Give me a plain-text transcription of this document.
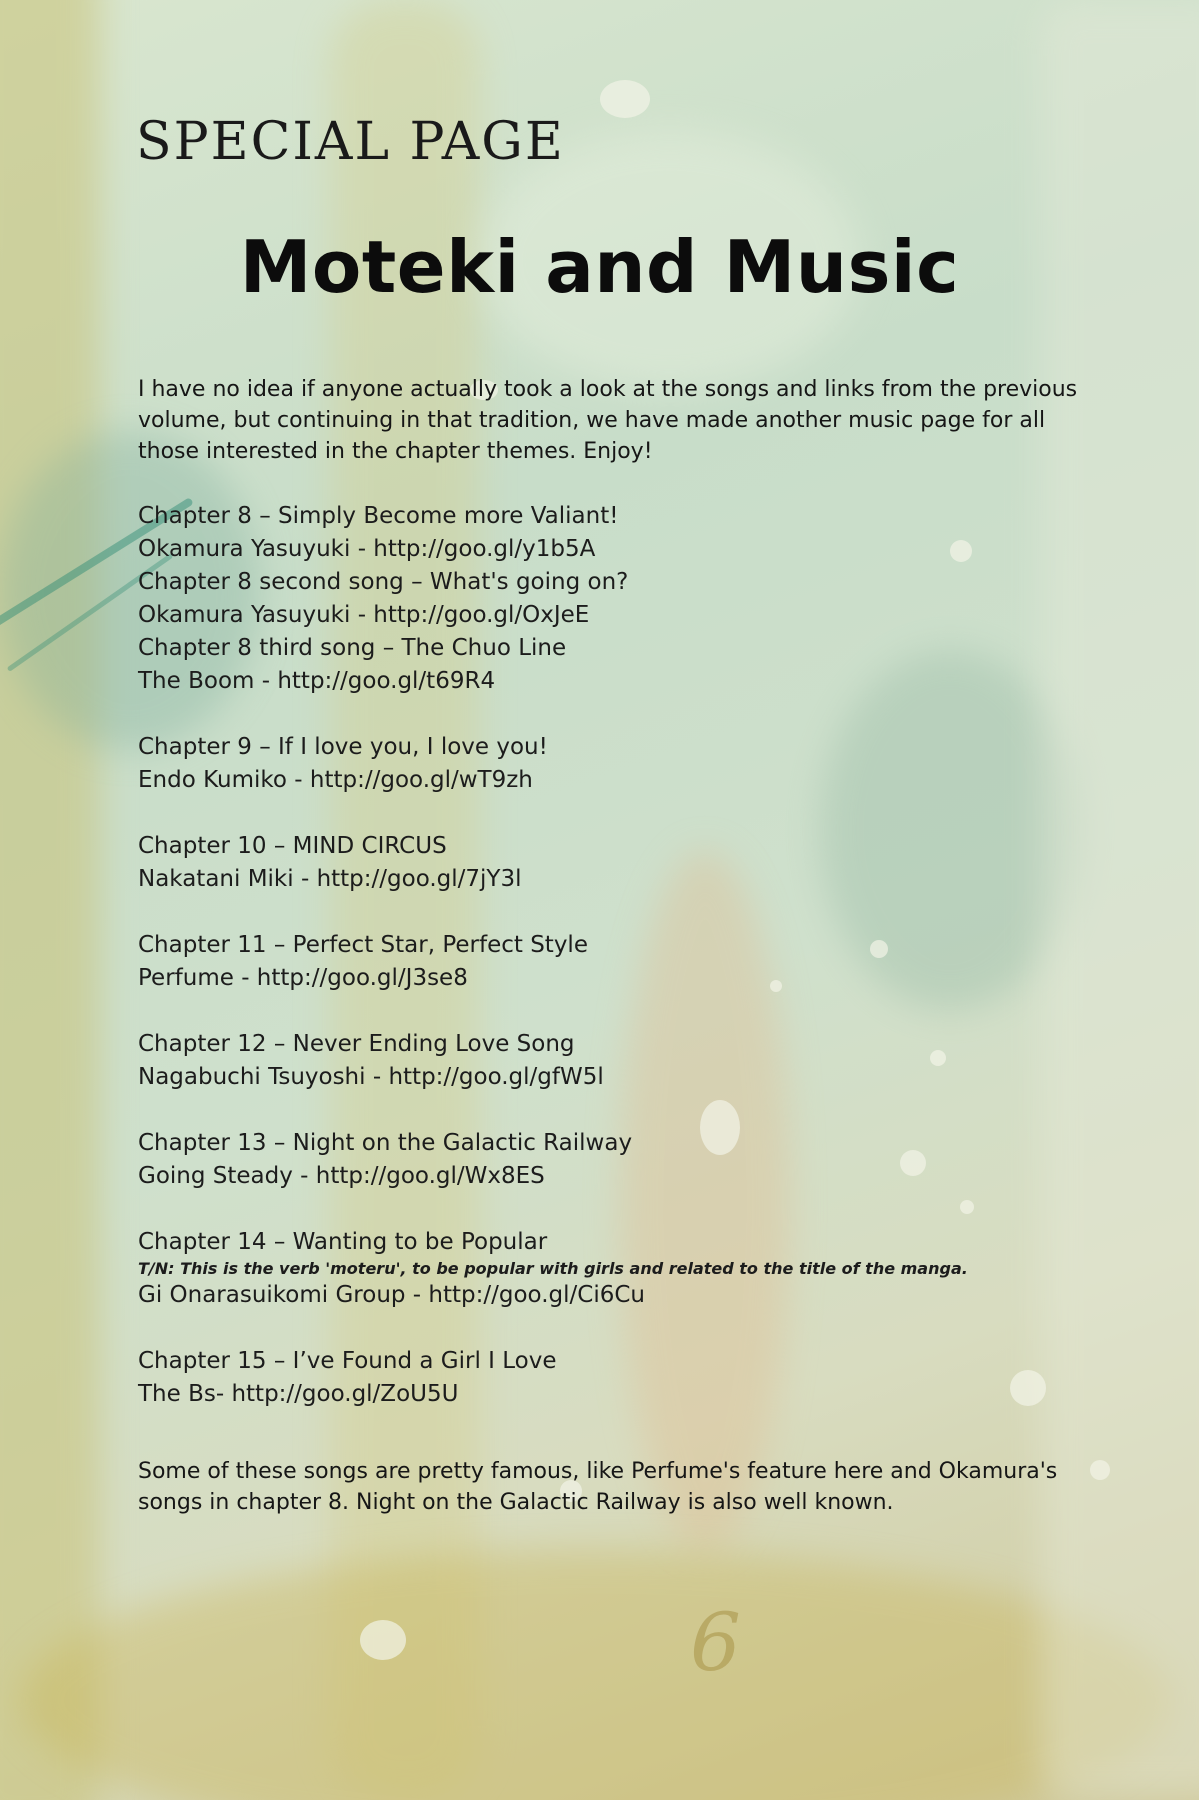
SPECIAL PAGE
Moteki and Music

I have no idea if anyone actually took a look at the songs and links from the previous volume, but continuing in that tradition, we have made another music page for all those interested in the chapter themes. Enjoy!

Chapter 8 – Simply Become more Valiant!

Okamura Yasuyuki - http://goo.gl/y1b5A

Chapter 8 second song – What's going on?

Okamura Yasuyuki - http://goo.gl/OxJeE

Chapter 8 third song – The Chuo Line

The Boom - http://goo.gl/t69R4

Chapter 9 – If I love you, I love you!

Endo Kumiko - http://goo.gl/wT9zh

Chapter 10 – MIND CIRCUS

Nakatani Miki - http://goo.gl/7jY3l

Chapter 11 – Perfect Star, Perfect Style

Perfume - http://goo.gl/J3se8

Chapter 12 – Never Ending Love Song

Nagabuchi Tsuyoshi - http://goo.gl/gfW5l

Chapter 13 – Night on the Galactic Railway

Going Steady - http://goo.gl/Wx8ES

Chapter 14 – Wanting to be Popular

T/N: This is the verb 'moteru', to be popular with girls and related to the title of the manga.

Gi Onarasuikomi Group - http://goo.gl/Ci6Cu

Chapter 15 – I’ve Found a Girl I Love

The Bs- http://goo.gl/ZoU5U

Some of these songs are pretty famous, like Perfume's feature here and Okamura's songs in chapter 8. Night on the Galactic Railway is also well known.

6
